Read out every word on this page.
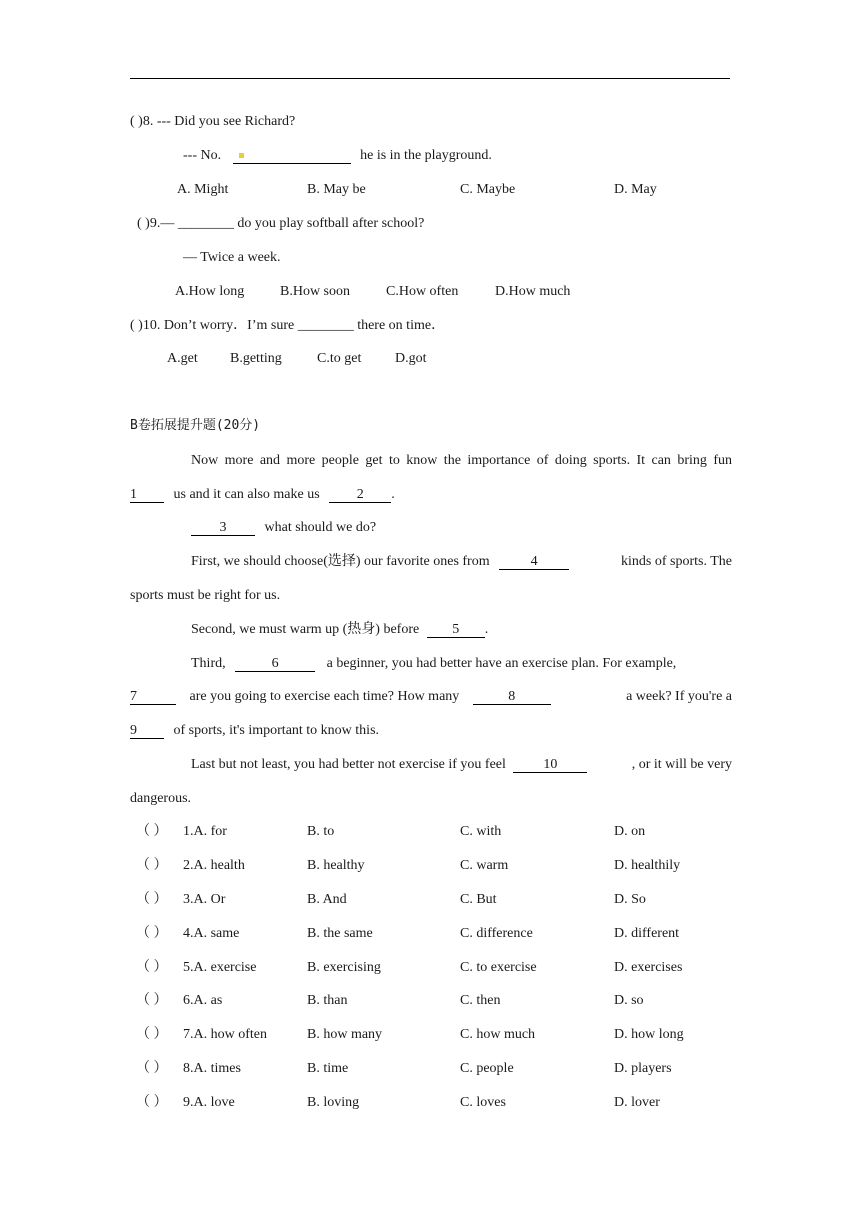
( )8. --- Did you see Richard?
--- No.	he is in the playground.
A. Might	B. May be	C. Maybe	D. May
( )9.— ________ do you play softball after school?
— Twice a week.
A.How long	B.How soon	C.How often	D.How much
( )10. Don’t worry．I’m sure ________ there on time．
A.get B.getting	C.to get D.got
B卷拓展提升题(20分)
Now more and more people get to know the importance of doing sports. It can bring fun
1	us and it can also make us	2 .
3	what should we do?
First, we should choose(选择) our favorite ones from	4	kinds of sports. The
sports must be right for us.
Second, we must warm up (热身) before 5 .
Third,	6	a beginner, you had better have an exercise plan. For example,
7	are you going to exercise each time? How many	8	a week? If you're a
9	of sports, it's important to know this.
Last but not least, you had better not exercise if you feel	10	, or it will be very
dangerous.
（ ） 1.A. for	B. to	C. with	D. on
（ ） 2.A. health	B. healthy	C. warm	D. healthily
（ ） 3.A. Or	B. And	C. But	D. So
（ ） 4.A. same	B. the same	C. difference	D. different
（ ） 5.A. exercise	B. exercising	C. to exercise	D. exercises
（ ） 6.A. as	B. than	C. then	D. so
（ ） 7.A. how often	B. how many	C. how much	D. how long
（ ） 8.A. times	B. time	C. people	D. players
（ ） 9.A. love	B. loving	C. loves	D. lover
